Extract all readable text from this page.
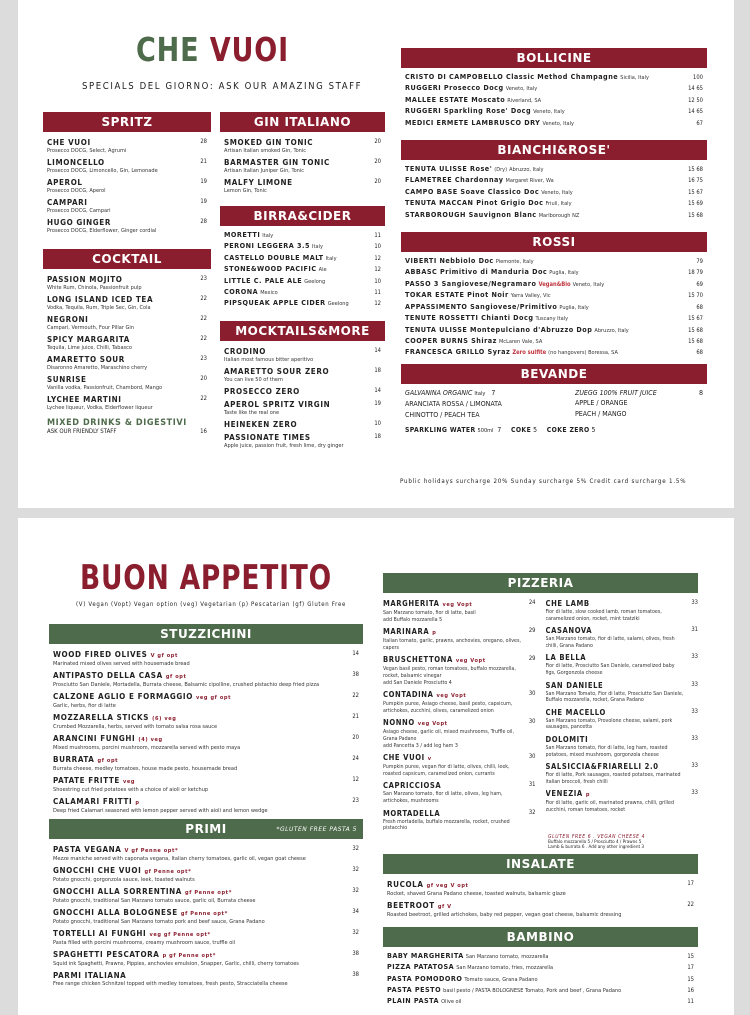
CHE VUOI
SPECIALS DEL GIORNO: ASK OUR AMAZING STAFF
SPRITZ
CHE VUOI
Prosecco DOCG, Select, Agrumi
28
LIMONCELLO
Prosecco DOCG, Limoncello, Gin, Lemonade
21
APEROL
Prosecco DOCG, Aperol
19
CAMPARI
Prosecco DOCG, Campari
19
HUGO GINGER
Prosecco DOCG, Elderflower, Ginger cordial
28
COCKTAIL
PASSION MOJITO
White Rum, Chinola, Passionfruit pulp
23
LONG ISLAND ICED TEA
Vodka, Tequila, Rum, Triple Sec, Gin, Cola
22
NEGRONI
Campari, Vermouth, Four Pillar Gin
22
SPICY MARGARITA
Tequila, Lime juice, Chilli, Tabasco
22
AMARETTO SOUR
Disaronno Amaretto, Maraschino cherry
23
SUNRISE
Vanilla vodka, Passionfruit, Chambord, Mango
20
LYCHEE MARTINI
Lychee liqueur, Vodka, Elderflower liqueur
22
MIXED DRINKS & DIGESTIVI
ASK OUR FRIENDLY STAFF	16
GIN ITALIANO
SMOKED GIN TONIC
Artisan Italian smoked Gin, Tonic
20
BARMASTER GIN TONIC
Artisan Italian Juniper Gin, Tonic
20
MALFY LIMONE
Lemon Gin, Tonic
20
BIRRA&CIDER
MORETTI Italy	11
PERONI LEGGERA 3.5 Italy	10
CASTELLO DOUBLE MALT Italy	12
STONE&WOOD PACIFIC Ale	12
LITTLE C. PALE ALE Geelong	10
CORONA Mexico	11
PIPSQUEAK APPLE CIDER Geelong	12
MOCKTAILS&MORE
CRODINO
Italian most famous bitter aperitivo
14
AMARETTO SOUR ZERO
You can live 50 of them
18
PROSECCO ZERO	14
APEROL SPRITZ VIRGIN
Taste like the real one
19
HEINEKEN ZERO	10
PASSIONATE TIMES
Apple juice, passion fruit, fresh lime, dry ginger
18
BOLLICINE
CRISTO DI CAMPOBELLO Classic Method Champagne Sicilia, Italy	100
RUGGERI Prosecco Docg Veneto, Italy	14 65
MALLEE ESTATE Moscato Riverland, SA	12 50
RUGGERI Sparkling Rose' Docg Veneto, Italy	14 65
MEDICI ERMETE LAMBRUSCO DRY Veneto, Italy	67
BIANCHI&ROSE'
TENUTA ULISSE Rose' (Dry) Abruzzo, Italy	15 68
FLAMETREE Chardonnay Margaret River, Wa	16 75
CAMPO BASE Soave Classico Doc Veneto, Italy	15 67
TENUTA MACCAN Pinot Grigio Doc Friuli, Italy	15 69
STARBOROUGH Sauvignon Blanc Marlborough NZ	15 68
ROSSI
VIBERTI Nebbiolo Doc Piemonte, Italy	79
ABBASC Primitivo di Manduria Doc Puglia, Italy	18 79
PASSO 3 Sangiovese/Negramaro Vegan&Bio Veneto, Italy	69
TOKAR ESTATE Pinot Noir Yarra Valley, Vic	15 70
APPASSIMENTO Sangiovese/Primitivo Puglia, Italy	68
TENUTE ROSSETTI Chianti Docg Tuscany Italy	15 67
TENUTA ULISSE Montepulciano d'Abruzzo Dop Abruzzo, Italy	15 68
COOPER BURNS Shiraz McLaren Vale, SA	15 68
FRANCESCA GRILLO Syraz Zero sulfite (no hangovers) Boressa, SA	68
BEVANDE
GALVANINA ORGANIC Italy 7
ARANCIATA ROSSA / LIMONATA
CHINOTTO / PEACH TEA
ZUEGG 100% FRUIT JUICE	8
APPLE / ORANGE
PEACH / MANGO
SPARKLING WATER 500ml 7 COKE 5 COKE ZERO 5
Public holidays surcharge 20% Sunday surcharge 5% Credit card surcharge 1.5%
BUON APPETITO
(V) Vegan (Vopt) Vegan option (veg) Vegetarian (p) Pescatarian (gf) Gluten Free
STUZZICHINI
WOOD FIRED OLIVES V gf opt
Marinated mixed olives served with housemade bread
14
ANTIPASTO DELLA CASA gf opt
Prosciutto San Daniele, Mortadella, Burrata cheese, Balsamic cipolline, crushed pistachio deep fried pizza
38
CALZONE AGLIO E FORMAGGIO veg gf opt
Garlic, herbs, fior di latte
22
MOZZARELLA STICKS (6) veg
Crumbed Mozzarella, herbs, served with tomato salsa rosa sauce
21
ARANCINI FUNGHI (4) veg
Mixed mushrooms, porcini mushroom, mozzarella served with pesto maya
20
BURRATA gf opt
Burrata cheese, medley tomatoes, house made pesto, housemade bread
24
PATATE FRITTE veg
Shoestring cut fried potatoes with a choice of aioli or ketchup
12
CALAMARI FRITTI p
Deep fried Calamari seasoned with lemon pepper served with aioli and lemon wedge
23
PRIMI	*GLUTEN FREE PASTA 5
PASTA VEGANA V gf Penne opt*
Mezze maniche served with caponata vegana, Italian cherry tomatoes, garlic oil, vegan goat cheese
32
GNOCCHI CHE VUOI gf Penne opt*
Potato gnocchi, gorgonzola sauce, leek, toasted walnuts
32
GNOCCHI ALLA SORRENTINA gf Penne opt*
Potato gnocchi, traditional San Marzano tomato sauce, garlic oil, Burrata cheese
32
GNOCCHI ALLA BOLOGNESE gf Penne opt*
Potato gnocchi, traditional San Marzano tomato pork and beef sauce, Grana Padano
34
TORTELLI AI FUNGHI veg gf Penne opt*
Pasta filled with porcini mushrooms, creamy mushroom sauce, truffle oil
32
SPAGHETTI PESCATORA p gf Penne opt*
Squid ink Spaghetti, Prawns, Pippies, anchovies emulsion, Snapper, Garlic, chilli, cherry tomatoes
38
PARMI ITALIANA
Free range chicken Schnitzel topped with medley tomatoes, fresh pesto, Stracciatella cheese
38
PIZZERIA
MARGHERITA veg Vopt
San Marzano tomato, fior di latte, basil
add Buffalo mozzarella 5
24
MARINARA p
Italian tomato, garlic, prawns, anchovies, oregano, olives, capers
29
BRUSCHETTONA veg Vopt
Vegan basil pesto, roman tomatoes, buffalo mozzarella, rocket, balsamic vinegar
add San Daniele Prosciutto 4
29
CONTADINA veg Vopt
Pumpkin puree, Asiago cheese, basil pesto, capsicum, artichokes, zucchini, olives, caramelized onion
30
NONNO veg Vopt
Asiago cheese, garlic oil, mixed mushrooms, Truffle oil, Grana Padano
add Pancetta 3 / add leg ham 3
30
CHE VUOI v
Pumpkin puree, vegan fior di latte, olives, chilli, leek, roasted capsicum, caramelized onion, currants
30
CAPRICCIOSA
San Marzano tomato, fior di latte, olives, leg ham, artichokes, mushrooms
31
MORTADELLA
Fresh mortadella, buffalo mozzarella, rocket, crushed pistacchio
32
CHE LAMB
Fior di latte, slow cooked lamb, roman tomatoes, caramelized onion, rocket, mint tzatziki
33
CASANOVA
San Marzano tomato, fior di latte, salami, olives, fresh chilli, Grana Padano
31
LA BELLA
Fior di latte, Prosciutto San Daniele, caramelized baby figs, Gorgonzola cheese
33
SAN DANIELE
San Marzano Tomato, Fior di latte, Prosciutto San Daniele, Buffalo mozzarella, rocket, Grana Padano
33
CHE MACELLO
San Marzano tomato, Provolone cheese, salami, pork sausages, pancetta
33
DOLOMITI
San Marzano tomato, fior di latte, leg ham, roasted potatoes, mixed mushroom, gorgonzola cheese
33
SALSICCIA&FRIARELLI 2.0
Fior di latte, Pork sausages, roasted potatoes, marinated italian broccoli, fresh chilli
33
VENEZIA p
Fior di latte, garlic oil, marinated prawns, chilli, grilled zucchini, roman tomatoes, rocket
33
GLUTEN FREE 6 . VEGAN CHEESE 4
Buffalo mozzarella 5 / Prosciutto 4 / Prawns 5
Lamb & burrata 6 . Add any other ingredient 3
INSALATE
RUCOLA gf veg V opt
Rocket, shaved Grana Padano cheese, toasted walnuts, balsamic glaze
17
BEETROOT gf V
Roasted beetroot, grilled artichokes, baby red pepper, vegan goat cheese, balsamic dressing
22
BAMBINO
BABY MARGHERITA San Marzano tomato, mozzarella	15
PIZZA PATATOSA San Marzano tomato, fries, mozzarella	17
PASTA POMODORO Tomato sauce, Grana Padano	15
PASTA PESTO basil pesto / PASTA BOLOGNESE Tomato, Pork and beef , Grana Padano	16
PLAIN PASTA Olive oil	11
